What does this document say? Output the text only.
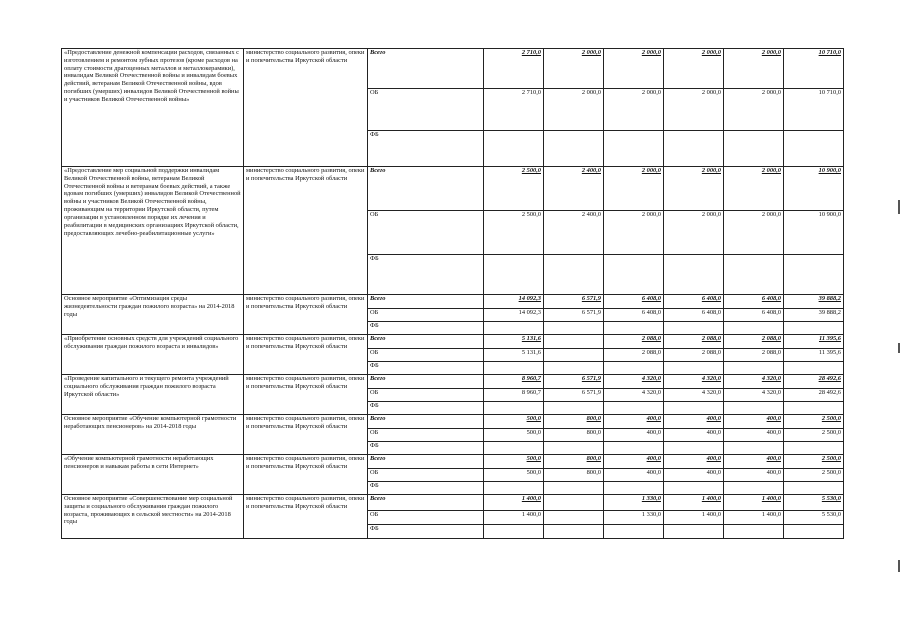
«Предоставление денежной компенсации расходов, связанных с изготовлением и ремонтом зубных протезов (кроме расходов на оплату стоимости драгоценных металлов и металлокерамики), инвалидам Великой Отечественной войны и инвалидам боевых действий, ветеранам Великой Отечественной войны, вдов погибших (умерших) инвалидов Великой Отечественной войны и участников Великой Отечественной войны»	министерство социального развития, опеки и попечительства Иркутской области	Всего	2 710,0	2 000,0	2 000,0	2 000,0	2 000,0	10 710,0
		ОБ	2 710,0	2 000,0	2 000,0	2 000,0	2 000,0	10 710,0
		ФБ						
«Предоставление мер социальной поддержки инвалидам Великой Отечественной войны, ветеранам Великой Отечественной войны и ветеранам боевых действий, а также вдовам погибших (умерших) инвалидов Великой Отечественной войны и участников Великой Отечественной войны, проживающим на территории Иркутской области, путем организации в установленном порядке их лечения и реабилитации в медицинских организациях Иркутской области, предоставляющих лечебно-реабилитационные услуги»	министерство социального развития, опеки и попечительства Иркутской области	Всего	2 500,0	2 400,0	2 000,0	2 000,0	2 000,0	10 900,0
		ОБ	2 500,0	2 400,0	2 000,0	2 000,0	2 000,0	10 900,0
		ФБ						
Основное мероприятие «Оптимизация среды жизнедеятельности граждан пожилого возраста» на 2014-2018 годы	министерство социального развития, опеки и попечительства Иркутской области	Всего	14 092,3	6 571,9	6 408,0	6 408,0	6 408,0	39 888,2
		ОБ	14 092,3	6 571,9	6 408,0	6 408,0	6 408,0	39 888,2
		ФБ						
«Приобретение основных средств для учреждений социального обслуживания граждан пожилого возраста и инвалидов»	министерство социального развития, опеки и попечительства Иркутской области	Всего	5 131,6		2 088,0	2 088,0	2 088,0	11 395,6
		ОБ	5 131,6		2 088,0	2 088,0	2 088,0	11 395,6
		ФБ						
«Проведение капитального и текущего ремонта учреждений социального обслуживания граждан пожилого возраста Иркутской области»	министерство социального развития, опеки и попечительства Иркутской области	Всего	8 960,7	6 571,9	4 320,0	4 320,0	4 320,0	28 492,6
		ОБ	8 960,7	6 571,9	4 320,0	4 320,0	4 320,0	28 492,6
		ФБ						
Основное мероприятие «Обучение компьютерной грамотности неработающих пенсионеров» на 2014-2018 годы	министерство социального развития, опеки и попечительства Иркутской области	Всего	500,0	800,0	400,0	400,0	400,0	2 500,0
		ОБ	500,0	800,0	400,0	400,0	400,0	2 500,0
		ФБ						
«Обучение компьютерной грамотности неработающих пенсионеров и навыкам работы в сети Интернет»	министерство социального развития, опеки и попечительства Иркутской области	Всего	500,0	800,0	400,0	400,0	400,0	2 500,0
		ОБ	500,0	800,0	400,0	400,0	400,0	2 500,0
		ФБ						
Основное мероприятие «Совершенствование мер социальной защиты и социального обслуживания граждан пожилого возраста, проживающих в сельской местности» на 2014-2018 годы	министерство социального развития, опеки и попечительства Иркутской области	Всего	1 400,0		1 330,0	1 400,0	1 400,0	5 530,0
		ОБ	1 400,0		1 330,0	1 400,0	1 400,0	5 530,0
		ФБ						
